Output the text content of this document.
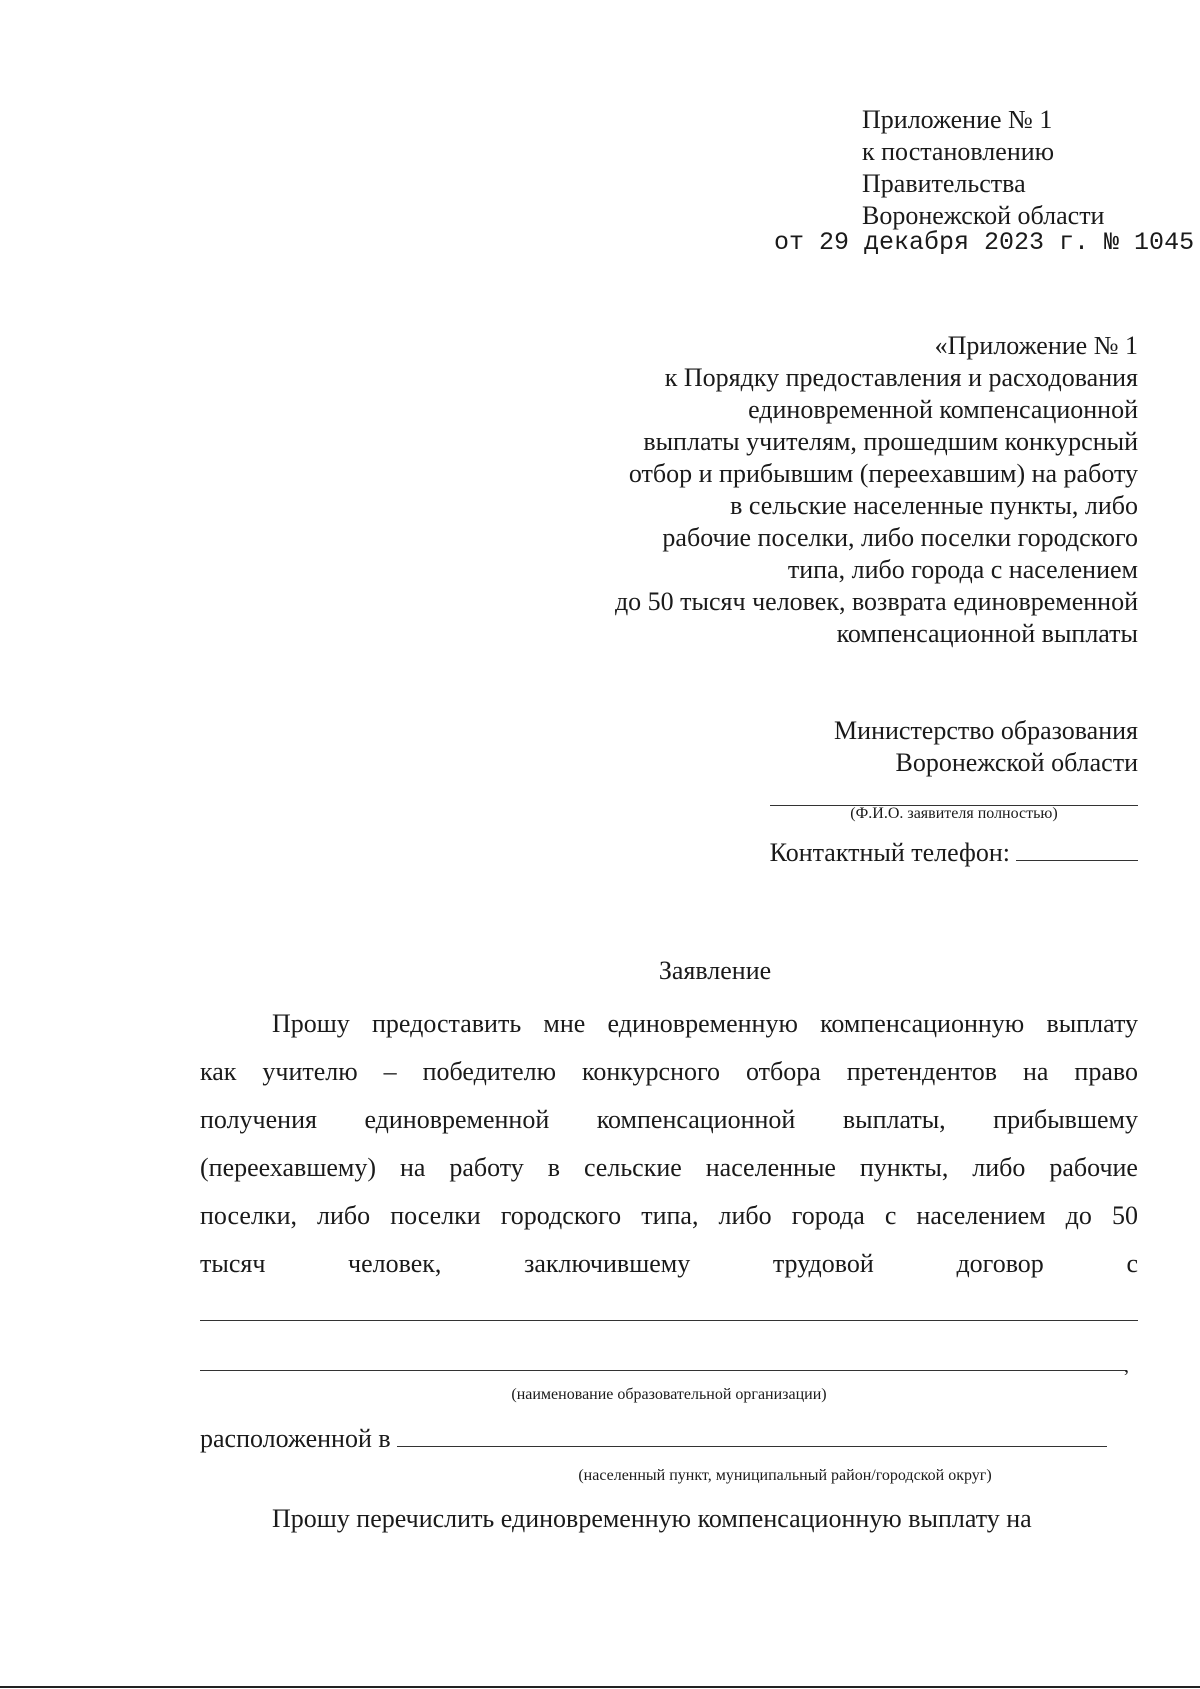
Приложение № 1
к постановлению
Правительства
Воронежской области
от 29 декабря 2023 г. № 1045
«Приложение № 1
к Порядку предоставления и расходования
единовременной компенсационной
выплаты учителям, прошедшим конкурсный
отбор и прибывшим (переехавшим) на работу
в сельские населенные пункты, либо
рабочие поселки, либо поселки городского
типа, либо города с населением
до 50 тысяч человек, возврата единовременной
компенсационной выплаты
Министерство образования
Воронежской области
(Ф.И.О. заявителя полностью)
Контактный телефон:
Заявление
Прошу предоставить мне единовременную компенсационную выплату
как учителю – победителю конкурсного отбора претендентов на право
получения единовременной компенсационной выплаты, прибывшему
(переехавшему) на работу в сельские населенные пункты, либо рабочие
поселки, либо поселки городского типа, либо города с населением до 50
тысяч	человек,	заключившему	трудовой	договор	с
,
(наименование образовательной организации)
расположенной в
(населенный пункт, муниципальный район/городской округ)
Прошу перечислить единовременную компенсационную выплату на
